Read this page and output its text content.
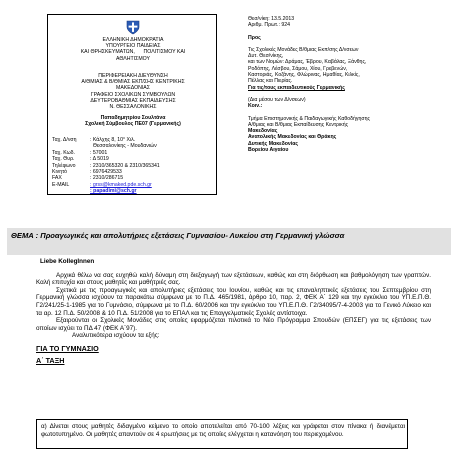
ΕΛΛΗΝΙΚΗ ΔΗΜΟΚΡΑΤΙΑ
ΥΠΟΥΡΓΕΙΟ ΠΑΙΔΕΙΑΣ
ΚΑΙ ΘΡΗΣΚΕΥΜΑΤΩΝ,      ΠΟΛΙΤΙΣΜΟΥ ΚΑΙ
ΑΘΛΗΤΙΣΜΟΥ
ΠΕΡΙΦΕΡΕΙΑΚΗ ΔΙΕΥΘΥΝΣΗ
Α/ΘΜΙΑΣ & Β/ΘΜΙΑΣ ΕΚΠ/ΣΗΣ ΚΕΝΤΡΙΚΗΣ
ΜΑΚΕΔΟΝΙΑΣ
ΓΡΑΦΕΙΟ ΣΧΟΛΙΚΩΝ ΣΥΜΒΟΥΛΩΝ
ΔΕΥΤΕΡΟΒΑΘΜΙΑΣ ΕΚΠΑΙΔΕΥΣΗΣ
Ν. ΘΕΣΣΑΛΟΝΙΚΗΣ
Παπαδημητρίου Σουλτάνα
Σχολική Σύμβουλος ΠΕ07 (Γερμανικής)
Ταχ. Δ/νση	: Κάλχης 8, 10° Χιλ.
Θεσσαλονίκης - Μουδανιών
Ταχ. Κωδ.	: 57001
Ταχ. Θυρ.	: Δ 5019
Τηλέφωνο	: 2310/365320 & 2310/365341
Κινητό	: 6976429533
FAX	: 2310/286715
E-MAIL	: grss@kmaked.pde.sch.gr
: papadimi@sch.gr
Θεσ/νίκη: 13.5.2013
Αριθμ. Πρωτ.: 924
Προς
Τις Σχολικές Μονάδες Β/θμιας Εκπ/σης Δ/νσεων
Δυτ. Θεσ/νίκης,
και των Νομών: Δράμας, Έβρου, Καβάλας, Ξάνθης,
Ροδόπης, Λέσβου, Σάμου, Χίου, Γρεβενών,
Καστοριάς, Κοζάνης, Φλώρινας, Ημαθίας, Κιλκίς,
Πέλλας και Πιερίας.
Για τις/τους εκπαιδευτικούς Γερμανικής
(Δια μέσου των Δ/νσεων)
Κοιν.:
Τμήμα Επιστημονικής & Παιδαγωγικής Καθοδήγησης
Α/θμιας και Β/θμιας Εκπαίδευσης Κεντρικής
Μακεδονίας
Ανατολικής Μακεδονίας και Θράκης
Δυτικής Μακεδονίας
Βορείου Αιγαίου
ΘΕΜΑ : Προαγωγικές και απολυτήριες εξετάσεις Γυμνασίου- Λυκείου στη Γερμανική γλώσσα
Liebe KollegInnen

Αρχικά θέλω να σας ευχηθώ καλή δύναμη στη διεξαγωγή των εξετάσεων, καθώς και στη διόρθωση και βαθμολόγηση των γραπτών. Καλή επιτυχία και στους μαθητές και μαθήτριές σας.

Σχετικά με τις προαγωγικές και απολυτήριες εξετάσεις του Ιουνίου, καθώς και τις επαναληπτικές εξετάσεις του Σεπτεμβρίου στη Γερμανική γλώσσα ισχύουν τα παρακάτω σύμφωνα με το Π.Δ. 465/1981, άρθρο 10, παρ. 2, ΦΕΚ Α΄ 129 και την εγκύκλιο του ΥΠ.Ε.Π.Θ. Γ2/241/25-1-1985 για το Γυμνάσιο, σύμφωνα με το Π.Δ. 60/2006 και την εγκύκλιο του ΥΠ.Ε.Π.Θ. Γ2/34095/7-4-2003 για το Γενικό Λύκειο και τα αρ. 12 Π.Δ. 50/2008 & 10 Π.Δ. 51/2008 για το ΕΠΑΛ και τις Επαγγελματικές Σχολές αντίστοιχα.

Εξαιρούνται οι Σχολικές Μονάδες στις οποίες εφαρμόζεται πιλοτικά το Νέο Πρόγραμμα Σπουδών (ΕΠΣΕΓ) για τις εξετάσεις των οποίων ισχύει το ΠΔ 47 (ΦΕΚ Α΄97).

Αναλυτικότερα ισχύουν τα εξής:

ΓΙΑ ΤΟ ΓΥΜΝΑΣΙΟ
Α΄ ΤΑΞΗ
α) Δίνεται στους μαθητές διδαγμένο κείμενο το οποίο αποτελείται από 70-100 λέξεις και γράφεται στον πίνακα ή διανέμεται φωτοτυπημένο. Οι μαθητές απαντούν σε 4 ερωτήσεις με τις οποίες ελέγχεται η κατανόηση του περιεχομένου.
